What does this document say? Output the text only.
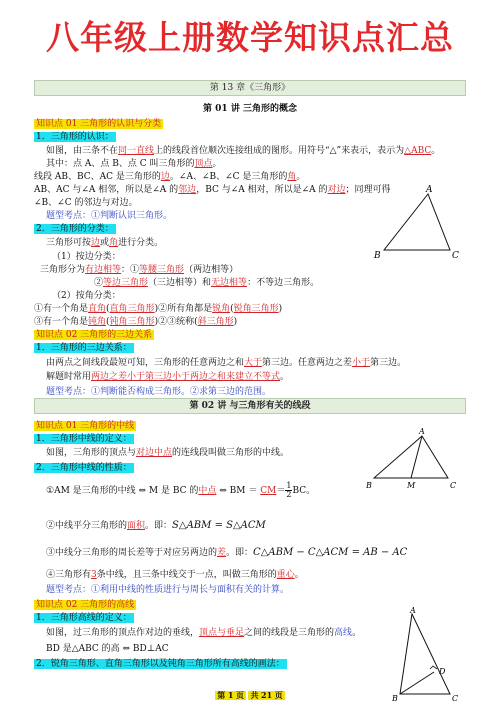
八年级上册数学知识点汇总
第 13 章《三角形》
第 01 讲 三角形的概念
知识点 01 三角形的认识与分类
1．三角形的认识：
如图，由三条不在同一直线上的线段首位顺次连接组成的图形。用符号“△”来表示，表示为△ABC。
其中：点 A、点 B、点 C 叫三角形的顶点。
线段 AB、BC、AC 是三角形的边。∠A、∠B、∠C 是三角形的角。
AB、AC 与∠A 相邻，所以是∠A 的邻边，BC 与∠A 相对，所以是∠A 的对边；同理可得
∠B、∠C 的邻边与对边。
题型考点：①判断认识三角形。
2．三角形的分类：
三角形可按边或角进行分类。
（1）按边分类：
三角形分为有边相等：①等腰三角形（两边相等）
②等边三角形（三边相等）和无边相等：不等边三角形。
（2）按角分类：
①有一个角是直角(直角三角形)②所有角都是锐角(锐角三角形)
③有一个角是钝角(钝角三角形)②③统称(斜三角形)
A
B	C
知识点 02 三角形的三边关系
1．三角形的三边关系：
由两点之间线段最短可知，三角形的任意两边之和大于第三边。任意两边之差小于第三边。
解题时常用两边之差小于第三边小于两边之和来建立不等式。
题型考点：①判断能否构成三角形。②求第三边的范围。
第 02 讲 与三角形有关的线段
知识点 01 三角形的中线
1．三角形中线的定义：
如图，三角形的顶点与对边中点的连线段叫做三角形的中线。
2．三角形中线的性质：
①AM 是三角形的中线 ⇔ M 是 BC 的中点 ⇔ BM ＝ $CM= \frac{1}{2}BC$。
②中线平分三角形的面积。即：S△ABM = S△ACM
③中线分三角形的周长差等于对应另两边的差。即：C△ABM − C△ACM = AB − AC
④三角形有3条中线，且三条中线交于一点，叫做三角形的重心。
题型考点：①利用中线的性质进行与周长与面积有关的计算。
A
B	M	C
知识点 02 三角形的高线
1．三角形高线的定义：
如图，过三角形的顶点作对边的垂线，顶点与垂足之间的线段是三角形的高线。
BD 是△ABC 的高 ⇔ BD⊥AC
2．锐角三角形、直角三角形以及钝角三角形所有高线的画法：
A
D
B	C
第 1 页 共 21 页
